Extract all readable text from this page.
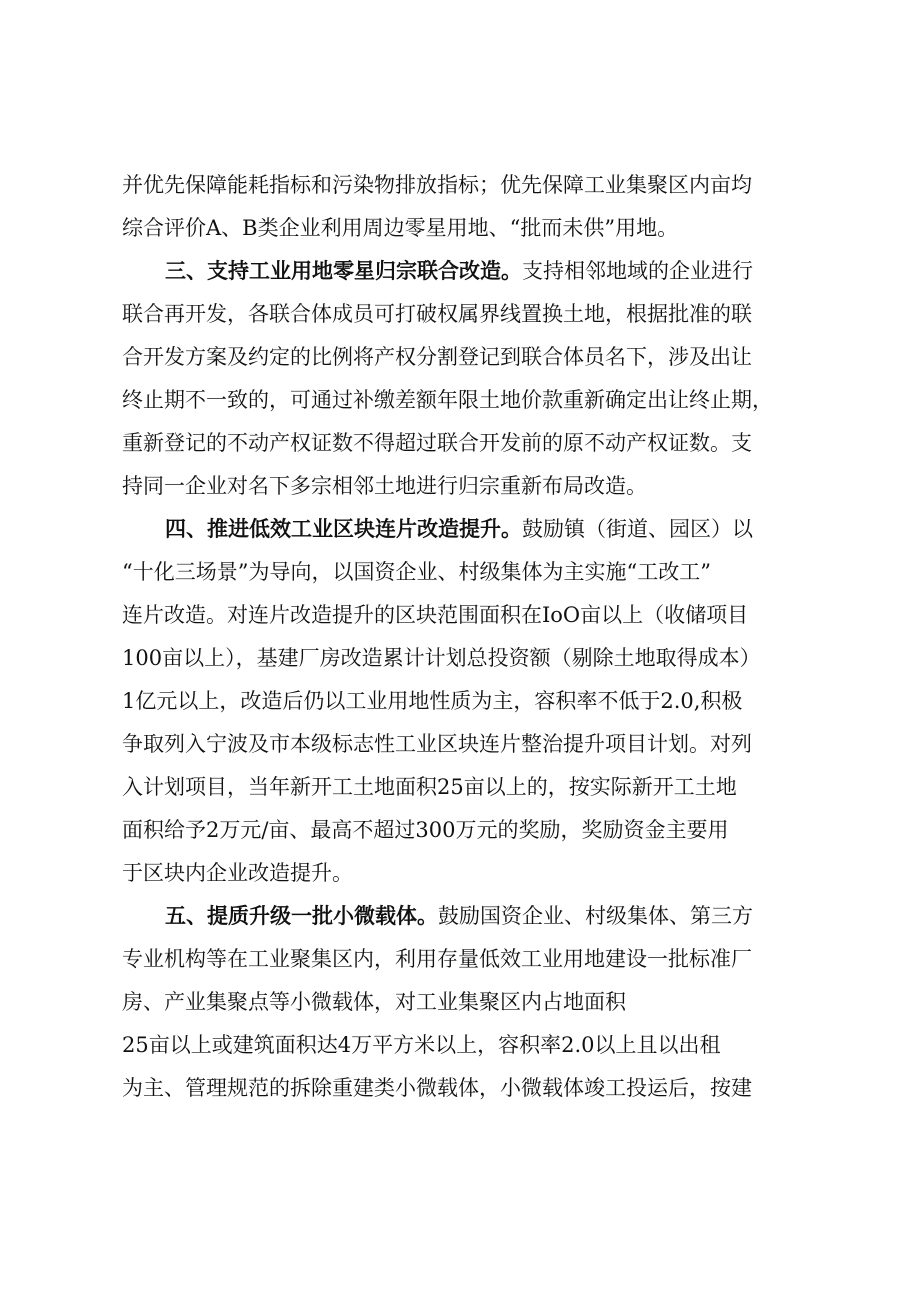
并优先保障能耗指标和污染物排放指标；优先保障工业集聚区内亩均

综合评价A、B类企业利用周边零星用地、“批而未供”用地。

三、支持工业用地零星归宗联合改造。支持相邻地域的企业进行

联合再开发，各联合体成员可打破权属界线置换土地，根据批准的联

合开发方案及约定的比例将产权分割登记到联合体员名下，涉及出让

终止期不一致的，可通过补缴差额年限土地价款重新确定出让终止期，

重新登记的不动产权证数不得超过联合开发前的原不动产权证数。支

持同一企业对名下多宗相邻土地进行归宗重新布局改造。

四、推进低效工业区块连片改造提升。鼓励镇（街道、园区）以

“十化三场景”为导向，以国资企业、村级集体为主实施“工改工”

连片改造。对连片改造提升的区块范围面积在IoO亩以上（收储项目

100亩以上），基建厂房改造累计计划总投资额（剔除土地取得成本）

1亿元以上，改造后仍以工业用地性质为主，容积率不低于2.0,积极

争取列入宁波及市本级标志性工业区块连片整治提升项目计划。对列

入计划项目，当年新开工土地面积25亩以上的，按实际新开工土地

面积给予2万元/亩、最高不超过300万元的奖励，奖励资金主要用

于区块内企业改造提升。

五、提质升级一批小微载体。鼓励国资企业、村级集体、第三方

专业机构等在工业聚集区内，利用存量低效工业用地建设一批标准厂

房、产业集聚点等小微载体，对工业集聚区内占地面积

25亩以上或建筑面积达4万平方米以上，容积率2.0以上且以出租

为主、管理规范的拆除重建类小微载体，小微载体竣工投运后，按建
